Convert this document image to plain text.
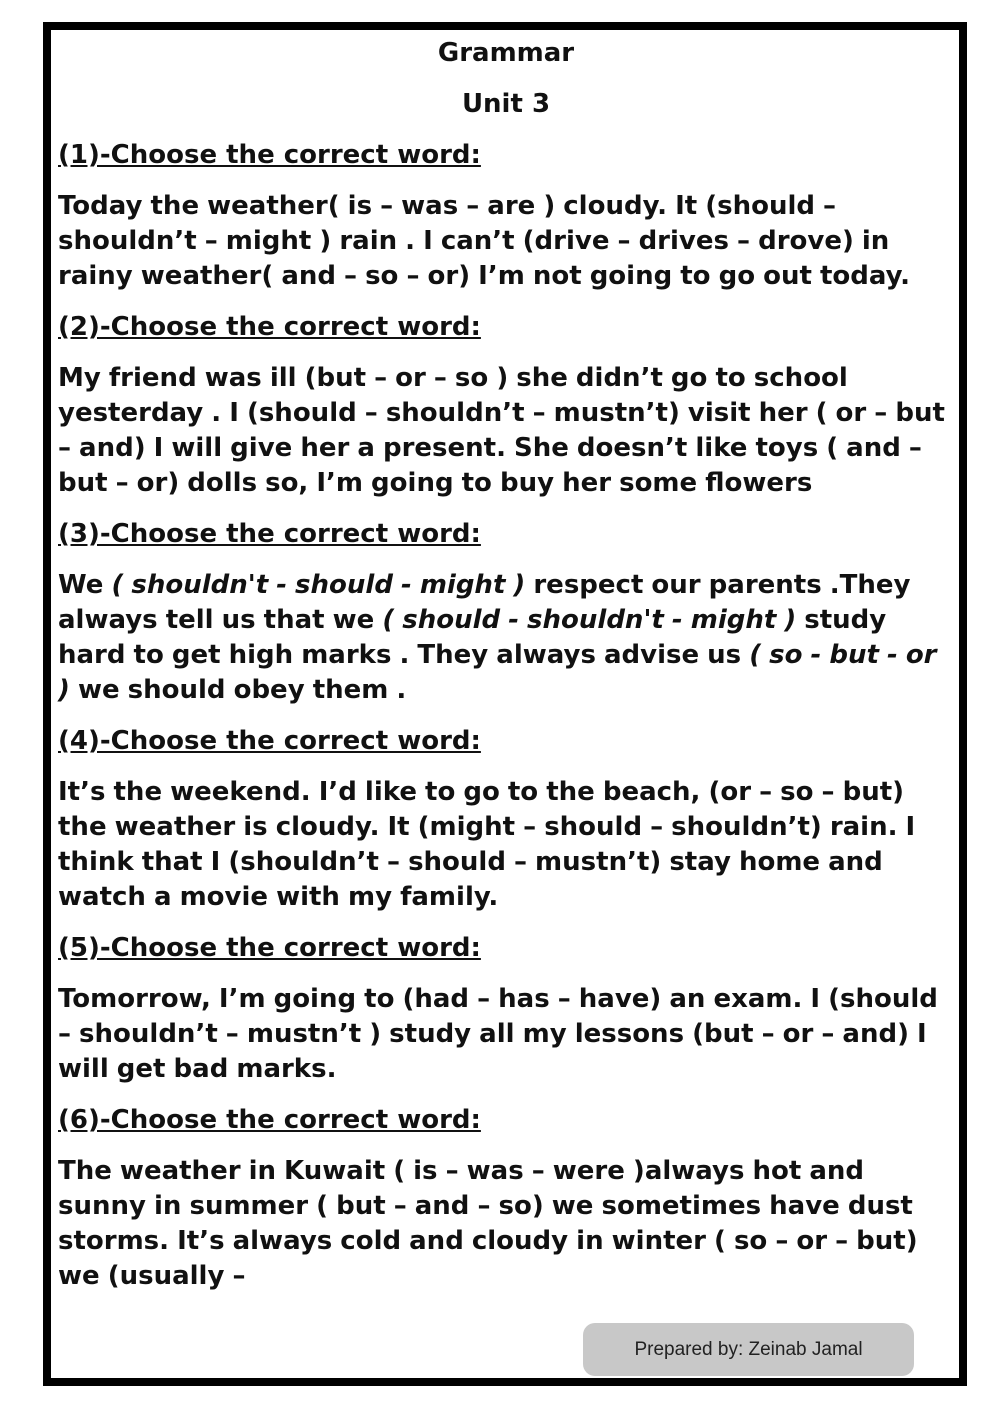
Grammar

Unit 3

(1)-Choose the correct word:

Today the weather( is – was – are ) cloudy. It (should – shouldn’t – might ) rain . I can’t (drive – drives – drove) in rainy weather( and – so – or) I’m not going to go out today.

(2)-Choose the correct word:

My friend was ill (but – or – so ) she didn’t go to school yesterday . I (should – shouldn’t – mustn’t) visit her ( or – but – and) I will give her a present. She doesn’t like toys ( and – but – or) dolls so, I’m going to buy her some flowers

(3)-Choose the correct word:

We ( shouldn't - should - might ) respect our parents .They always tell us that we ( should - shouldn't - might ) study hard to get high marks . They always advise us ( so - but - or ) we should obey them .

(4)-Choose the correct word:

It’s the weekend. I’d like to go to the beach, (or – so – but) the weather is cloudy. It (might – should – shouldn’t) rain. I think that I (shouldn’t – should – mustn’t) stay home and watch a movie with my family.

(5)-Choose the correct word:

Tomorrow, I’m going to (had – has – have) an exam. I (should – shouldn’t – mustn’t ) study all my lessons (but – or – and) I will get bad marks.

(6)-Choose the correct word:

The weather in Kuwait ( is – was – were )always hot and sunny in summer ( but – and – so) we sometimes have dust storms. It’s always cold and cloudy in winter ( so – or – but) we (usually –

Prepared by: Zeinab Jamal
